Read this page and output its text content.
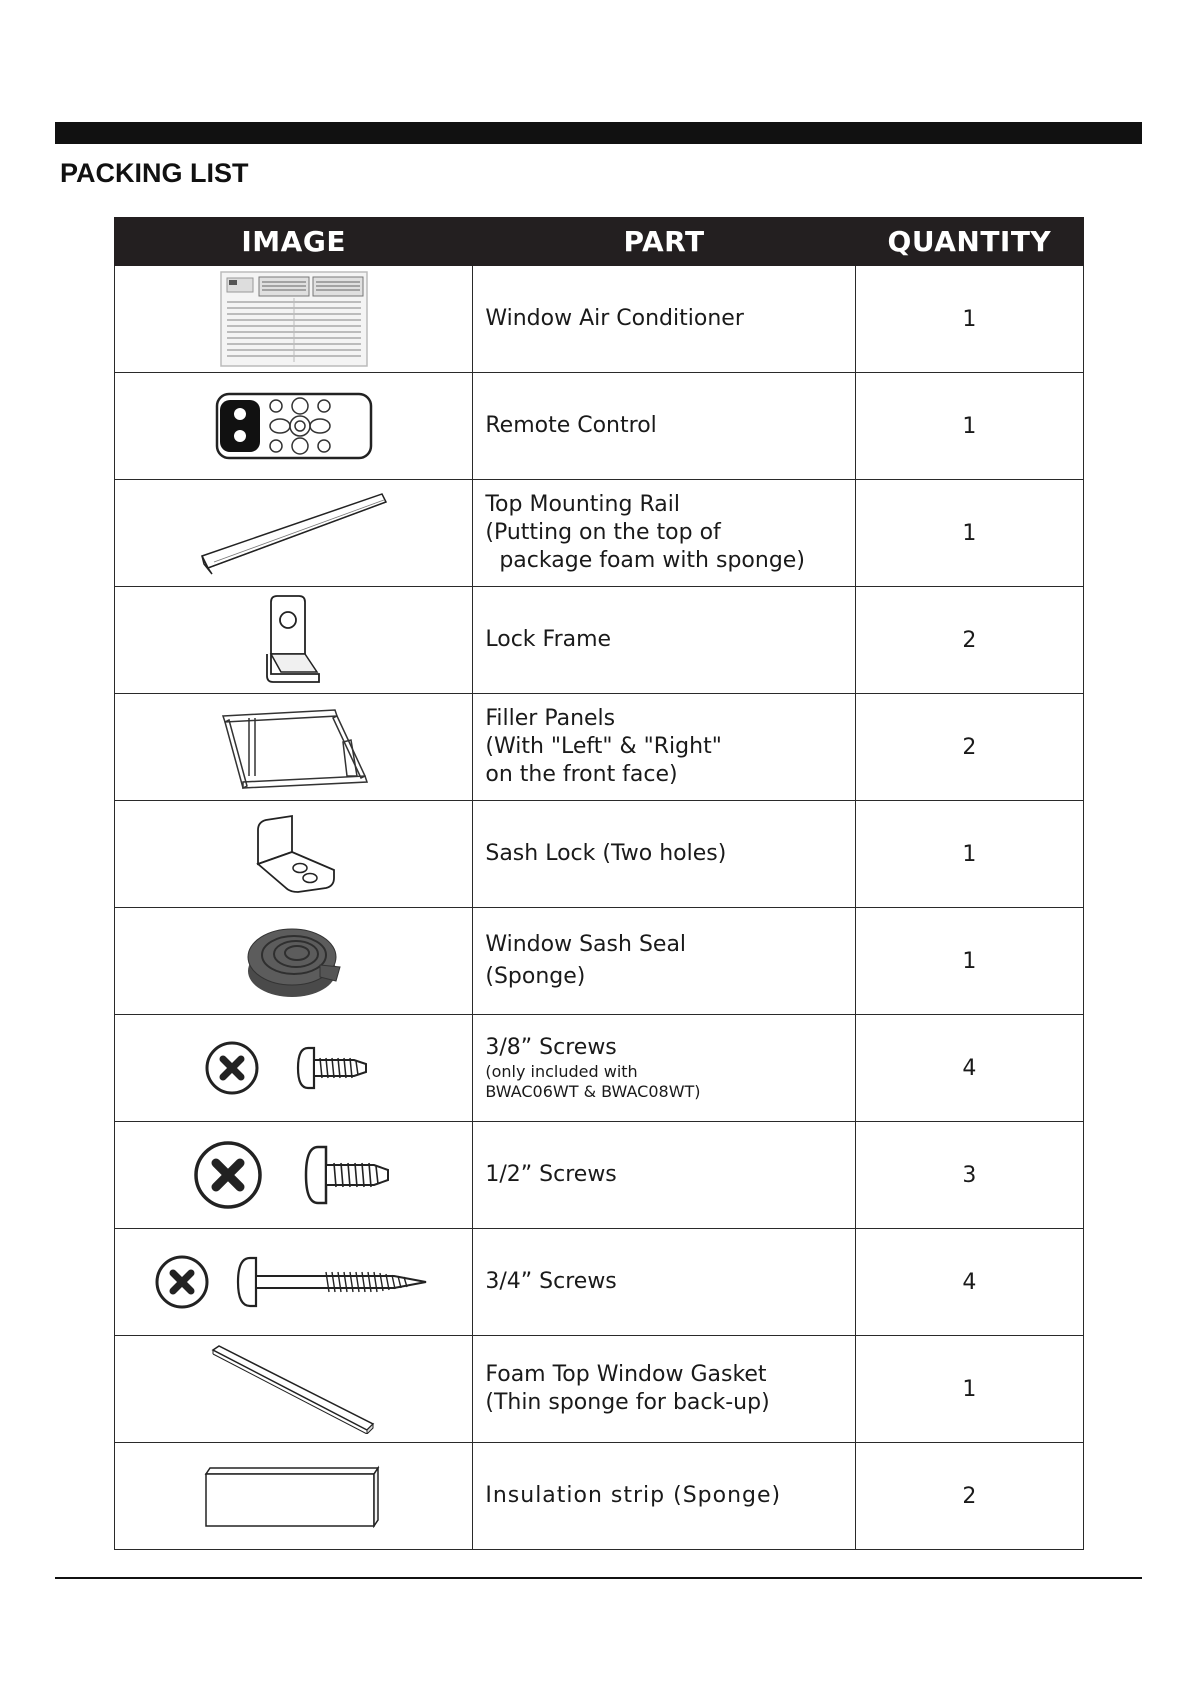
PACKING LIST
IMAGE	PART	QUANTITY

Window Air Conditioner	1

Remote Control	1

Top Mounting Rail
(Putting on the top of
package foam with sponge)	1

Lock Frame	2

Filler Panels
(With "Left" & "Right"
on the front face)	2

Sash Lock (Two holes)	1

Window Sash Seal
(Sponge)	1

3/8” Screws
(only included with
BWAC06WT & BWAC08WT)	4

1/2” Screws	3

3/4” Screws	4

Foam Top Window Gasket
(Thin sponge for back-up)	1

Insulation strip (Sponge)	2
